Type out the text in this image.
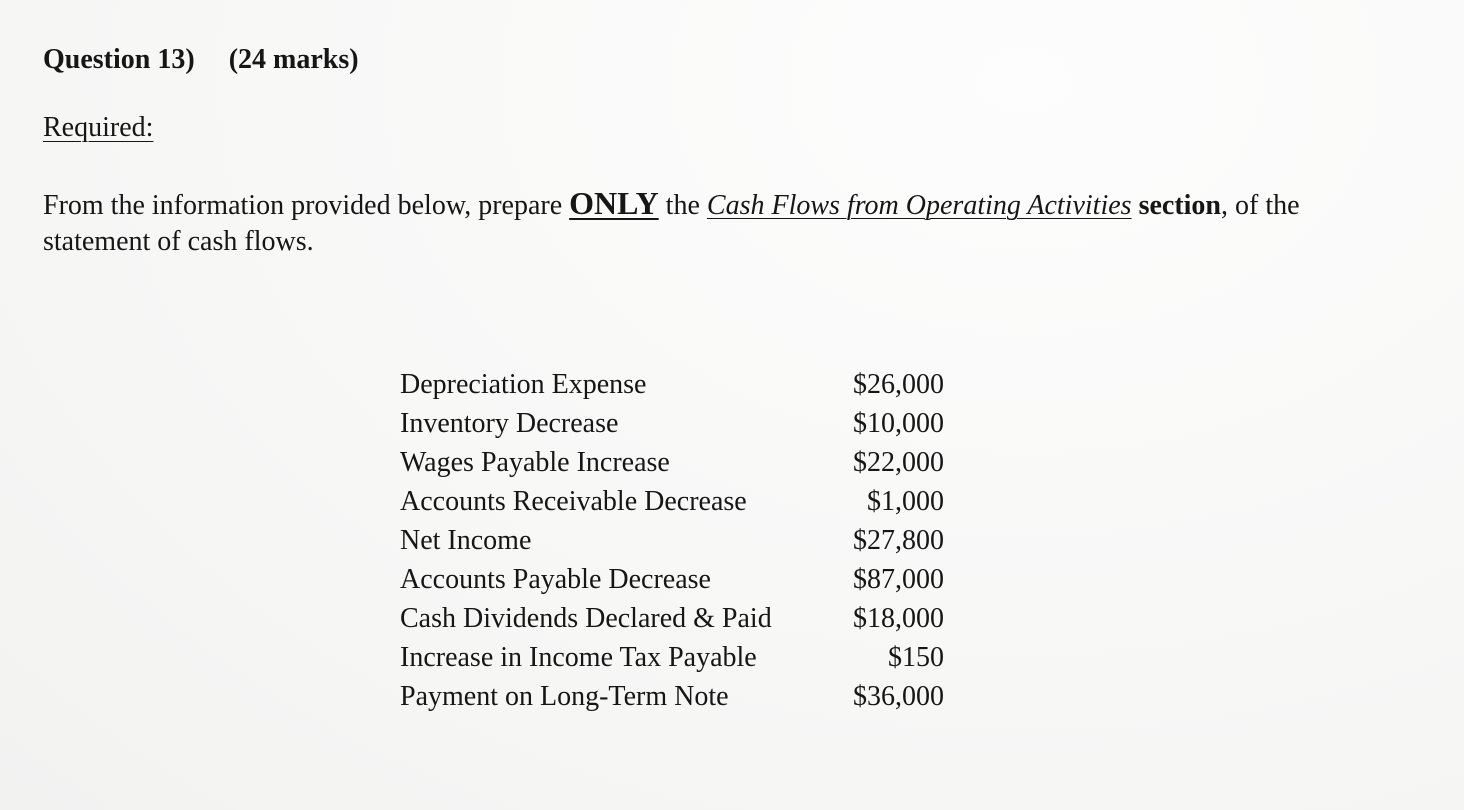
Question 13) (24 marks)
Required:
From the information provided below, prepare ONLY the Cash Flows from Operating Activities section, of the statement of cash flows.
Depreciation Expense	$26,000
Inventory Decrease	$10,000
Wages Payable Increase	$22,000
Accounts Receivable Decrease	$1,000
Net Income	$27,800
Accounts Payable Decrease	$87,000
Cash Dividends Declared & Paid	$18,000
Increase in Income Tax Payable	$150
Payment on Long-Term Note	$36,000
